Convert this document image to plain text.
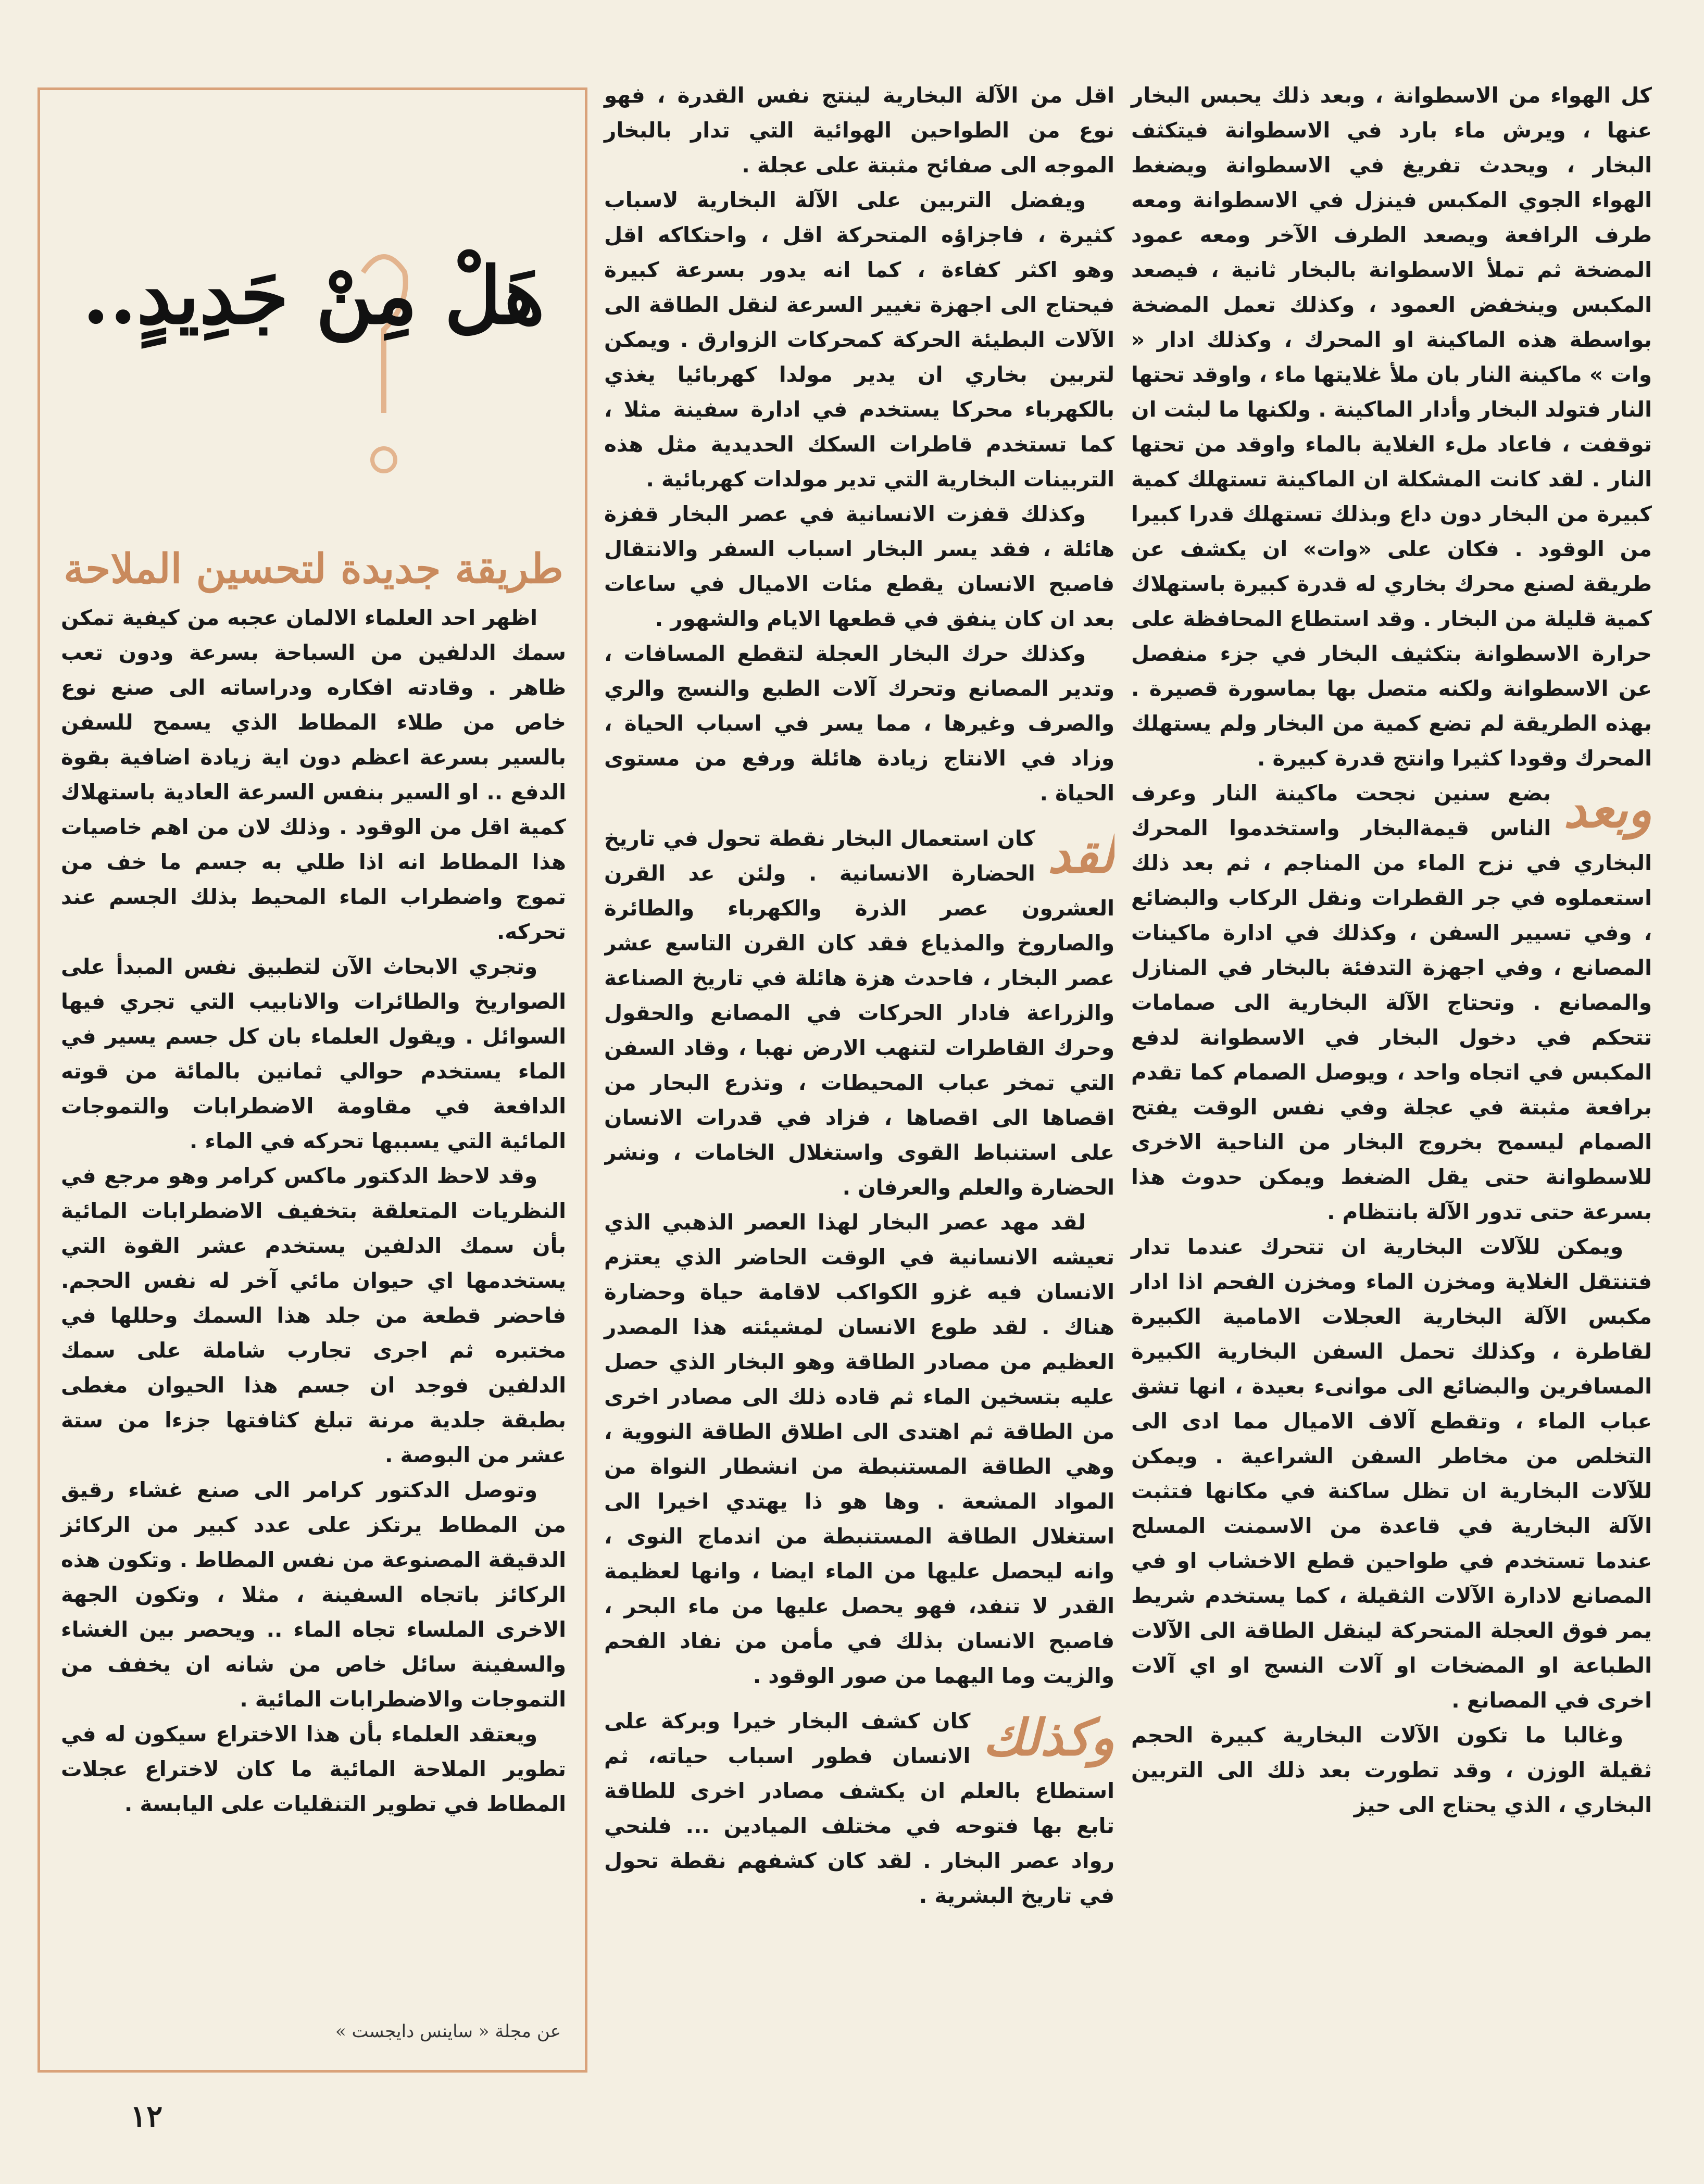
كل الهواء من الاسطوانة ، وبعد ذلك يحبس البخار عنها ، ويرش ماء بارد في الاسطوانة فيتكثف البخار ، ويحدث تفريغ في الاسطوانة ويضغط الهواء الجوي المكبس فينزل في الاسطوانة ومعه طرف الرافعة ويصعد الطرف الآخر ومعه عمود المضخة ثم تملأ الاسطوانة بالبخار ثانية ، فيصعد المكبس وينخفض العمود ، وكذلك تعمل المضخة بواسطة هذه الماكينة او المحرك ، وكذلك ادار « وات » ماكينة النار بان ملأ غلايتها ماء ، واوقد تحتها النار فتولد البخار وأدار الماكينة . ولكنها ما لبثت ان توقفت ، فاعاد ملء الغلاية بالماء واوقد من تحتها النار . لقد كانت المشكلة ان الماكينة تستهلك كمية كبيرة من البخار دون داع وبذلك تستهلك قدرا كبيرا من الوقود . فكان على «وات» ان يكشف عن طريقة لصنع محرك بخاري له قدرة كبيرة باستهلاك كمية قليلة من البخار . وقد استطاع المحافظة على حرارة الاسطوانة بتكثيف البخار في جزء منفصل عن الاسطوانة ولكنه متصل بها بماسورة قصيرة . بهذه الطريقة لم تضع كمية من البخار ولم يستهلك المحرك وقودا كثيرا وانتج قدرة كبيرة .

وبعد

بضع سنين نجحت ماكينة النار وعرف الناس قيمةالبخار واستخدموا المحرك البخاري في نزح الماء من المناجم ، ثم بعد ذلك استعملوه في جر القطرات ونقل الركاب والبضائع ، وفي تسيير السفن ، وكذلك في ادارة ماكينات المصانع ، وفي اجهزة التدفئة بالبخار في المنازل والمصانع . وتحتاج الآلة البخارية الى صمامات تتحكم في دخول البخار في الاسطوانة لدفع المكبس في اتجاه واحد ، ويوصل الصمام كما تقدم برافعة مثبتة في عجلة وفي نفس الوقت يفتح الصمام ليسمح بخروج البخار من الناحية الاخرى للاسطوانة حتى يقل الضغط ويمكن حدوث هذا بسرعة حتى تدور الآلة بانتظام .

ويمكن للآلات البخارية ان تتحرك عندما تدار فتنتقل الغلاية ومخزن الماء ومخزن الفحم اذا ادار مكبس الآلة البخارية العجلات الامامية الكبيرة لقاطرة ، وكذلك تحمل السفن البخارية الكبيرة المسافرين والبضائع الى موانىء بعيدة ، انها تشق عباب الماء ، وتقطع آلاف الاميال مما ادى الى التخلص من مخاطر السفن الشراعية . ويمكن للآلات البخارية ان تظل ساكنة في مكانها فتثبت الآلة البخارية في قاعدة من الاسمنت المسلح عندما تستخدم في طواحين قطع الاخشاب او في المصانع لادارة الآلات الثقيلة ، كما يستخدم شريط يمر فوق العجلة المتحركة لينقل الطاقة الى الآلات الطباعة او المضخات او آلات النسج او اي آلات اخرى في المصانع .

وغالبا ما تكون الآلات البخارية كبيرة الحجم ثقيلة الوزن ، وقد تطورت بعد ذلك الى التربين البخاري ، الذي يحتاج الى حيز

اقل من الآلة البخارية لينتج نفس القدرة ، فهو نوع من الطواحين الهوائية التي تدار بالبخار الموجه الى صفائح مثبتة على عجلة .

ويفضل التربين على الآلة البخارية لاسباب كثيرة ، فاجزاؤه المتحركة اقل ، واحتكاكه اقل وهو اكثر كفاءة ، كما انه يدور بسرعة كبيرة فيحتاج الى اجهزة تغيير السرعة لنقل الطاقة الى الآلات البطيئة الحركة كمحركات الزوارق . ويمكن لتربين بخاري ان يدير مولدا كهربائيا يغذي بالكهرباء محركا يستخدم في ادارة سفينة مثلا ، كما تستخدم قاطرات السكك الحديدية مثل هذه التربينات البخارية التي تدير مولدات كهربائية .

وكذلك قفزت الانسانية في عصر البخار قفزة هائلة ، فقد يسر البخار اسباب السفر والانتقال فاصبح الانسان يقطع مئات الاميال في ساعات بعد ان كان ينفق في قطعها الايام والشهور .

وكذلك حرك البخار العجلة لتقطع المسافات ، وتدير المصانع وتحرك آلات الطبع والنسج والري والصرف وغيرها ، مما يسر في اسباب الحياة ، وزاد في الانتاج زيادة هائلة ورفع من مستوى الحياة .

لقد

كان استعمال البخار نقطة تحول في تاريخ الحضارة الانسانية . ولئن عد القرن العشرون عصر الذرة والكهرباء والطائرة والصاروخ والمذياع فقد كان القرن التاسع عشر عصر البخار ، فاحدث هزة هائلة في تاريخ الصناعة والزراعة فادار الحركات في المصانع والحقول وحرك القاطرات لتنهب الارض نهبا ، وقاد السفن التي تمخر عباب المحيطات ، وتذرع البحار من اقصاها الى اقصاها ، فزاد في قدرات الانسان على استنباط القوى واستغلال الخامات ، ونشر الحضارة والعلم والعرفان .

لقد مهد عصر البخار لهذا العصر الذهبي الذي تعيشه الانسانية في الوقت الحاضر الذي يعتزم الانسان فيه غزو الكواكب لاقامة حياة وحضارة هناك . لقد طوع الانسان لمشيئته هذا المصدر العظيم من مصادر الطاقة وهو البخار الذي حصل عليه بتسخين الماء ثم قاده ذلك الى مصادر اخرى من الطاقة ثم اهتدى الى اطلاق الطاقة النووية ، وهي الطاقة المستنبطة من انشطار النواة من المواد المشعة . وها هو ذا يهتدي اخيرا الى استغلال الطاقة المستنبطة من اندماج النوى ، وانه ليحصل عليها من الماء ايضا ، وانها لعظيمة القدر لا تنفد، فهو يحصل عليها من ماء البحر ، فاصبح الانسان بذلك في مأمن من نفاد الفحم والزيت وما اليهما من صور الوقود .

وكذلك

كان كشف البخار خيرا وبركة على الانسان فطور اسباب حياته، ثم استطاع بالعلم ان يكشف مصادر اخرى للطاقة تابع بها فتوحه في مختلف الميادين ... فلنحي رواد عصر البخار . لقد كان كشفهم نقطة تحول في تاريخ البشرية .

هَلْ مِنْ جَدِيدٍ..
طريقة جديدة لتحسين الملاحة

اظهر احد العلماء الالمان عجبه من كيفية تمكن سمك الدلفين من السباحة بسرعة ودون تعب ظاهر . وقادته افكاره ودراساته الى صنع نوع خاص من طلاء المطاط الذي يسمح للسفن بالسير بسرعة اعظم دون اية زيادة اضافية بقوة الدفع .. او السير بنفس السرعة العادية باستهلاك كمية اقل من الوقود . وذلك لان من اهم خاصيات هذا المطاط انه اذا طلي به جسم ما خف من تموج واضطراب الماء المحيط بذلك الجسم عند تحركه.

وتجري الابحاث الآن لتطبيق نفس المبدأ على الصواريخ والطائرات والانابيب التي تجري فيها السوائل . ويقول العلماء بان كل جسم يسير في الماء يستخدم حوالي ثمانين بالمائة من قوته الدافعة في مقاومة الاضطرابات والتموجات المائية التي يسببها تحركه في الماء .

وقد لاحظ الدكتور ماكس كرامر وهو مرجع في النظريات المتعلقة بتخفيف الاضطرابات المائية بأن سمك الدلفين يستخدم عشر القوة التي يستخدمها اي حيوان مائي آخر له نفس الحجم. فاحضر قطعة من جلد هذا السمك وحللها في مختبره ثم اجرى تجارب شاملة على سمك الدلفين فوجد ان جسم هذا الحيوان مغطى بطبقة جلدية مرنة تبلغ كثافتها جزءا من ستة عشر من البوصة .

وتوصل الدكتور كرامر الى صنع غشاء رقيق من المطاط يرتكز على عدد كبير من الركائز الدقيقة المصنوعة من نفس المطاط . وتكون هذه الركائز باتجاه السفينة ، مثلا ، وتكون الجهة الاخرى الملساء تجاه الماء .. ويحصر بين الغشاء والسفينة سائل خاص من شانه ان يخفف من التموجات والاضطرابات المائية .

ويعتقد العلماء بأن هذا الاختراع سيكون له في تطوير الملاحة المائية ما كان لاختراع عجلات المطاط في تطوير التنقليات على اليابسة .

عن مجلة « ساينس دايجست »
١٢
